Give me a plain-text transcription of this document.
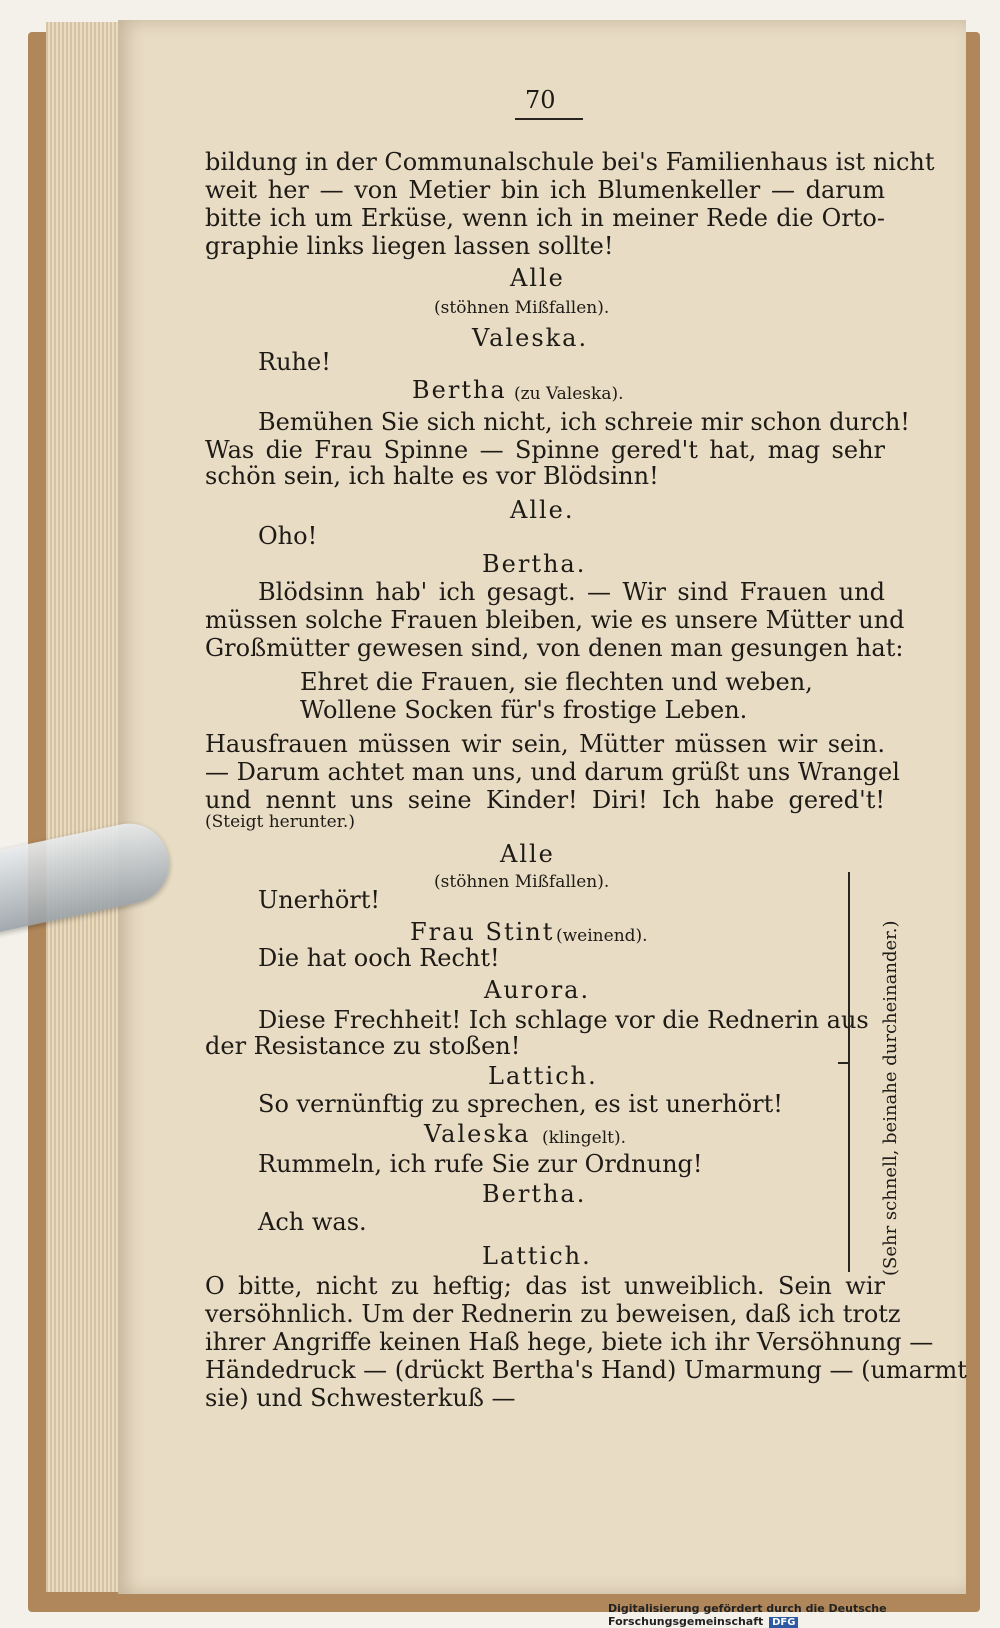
70
bildung in der Communalschule bei's Familienhaus ist nicht
weit her — von Metier bin ich Blumenkeller — darum
bitte ich um Erküse, wenn ich in meiner Rede die Orto-
graphie links liegen lassen sollte!
Alle
(stöhnen Mißfallen).
Valeska.
Ruhe!
Bertha (zu Valeska).
Bemühen Sie sich nicht, ich schreie mir schon durch!
Was die Frau Spinne — Spinne gered't hat, mag sehr
schön sein, ich halte es vor Blödsinn!
Alle.
Oho!
Bertha.
Blödsinn hab' ich gesagt. — Wir sind Frauen und
müssen solche Frauen bleiben, wie es unsere Mütter und
Großmütter gewesen sind, von denen man gesungen hat:
Ehret die Frauen, sie flechten und weben,
Wollene Socken für's frostige Leben.
Hausfrauen müssen wir sein, Mütter müssen wir sein.
— Darum achtet man uns, und darum grüßt uns Wrangel
und nennt uns seine Kinder! Diri! Ich habe gered't!
(Steigt herunter.)
Alle
(stöhnen Mißfallen).
Unerhört!
Frau Stint (weinend).
Die hat ooch Recht!
Aurora.
Diese Frechheit! Ich schlage vor die Rednerin aus
der Resistance zu stoßen!
Lattich.
So vernünftig zu sprechen, es ist unerhört!
Valeska (klingelt).
Rummeln, ich rufe Sie zur Ordnung!
Bertha.
Ach was.
Lattich.
O bitte, nicht zu heftig; das ist unweiblich. Sein wir
versöhnlich. Um der Rednerin zu beweisen, daß ich trotz
ihrer Angriffe keinen Haß hege, biete ich ihr Versöhnung —
Händedruck — (drückt Bertha's Hand) Umarmung — (umarmt
sie) und Schwesterkuß —
(Sehr schnell, beinahe durcheinander.)
Digitalisierung gefördert durch die Deutsche Forschungsgemeinschaft DFG
